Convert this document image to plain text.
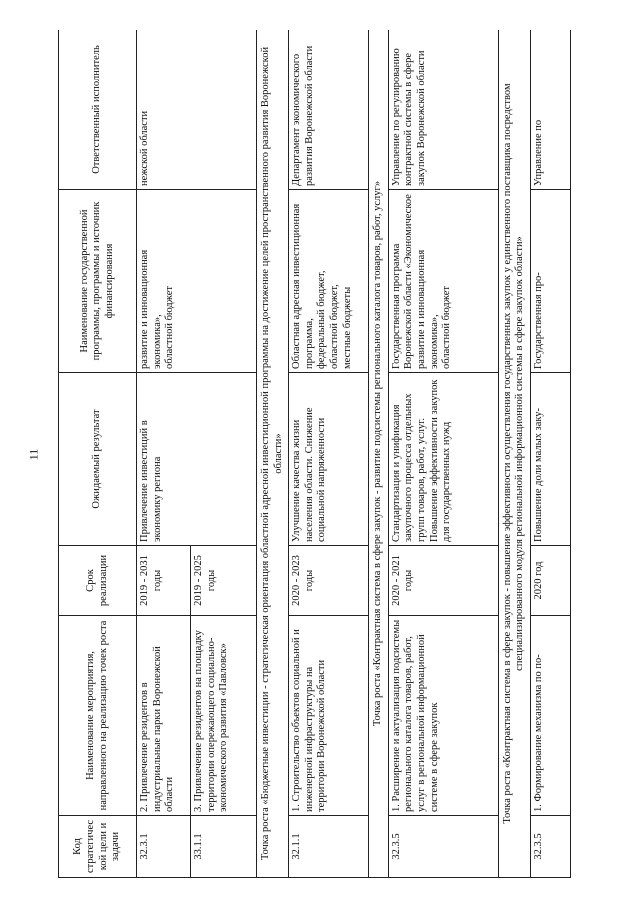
11
Код стратегической цели и задачи	Наименование мероприятия, направленного на реализацию точек роста	Срок реализации	Ожидаемый результат	Наименование государственной программы, программы и источник финансирования	Ответственный исполнитель
32.3.1	2. Привлечение резидентов в индустриальные парки Воронежской области	2019 - 2031 годы	Привлечение инвестиций в экономику региона	развитие и инновационная экономика», областной бюджет	нежской области
33.1.1	3. Привлечение резидентов на площадку территории опережающего социально-экономического развития «Павловск»	2019 - 2025 годы			
Точка роста «Бюджетные инвестиции - стратегическая ориентация областной адресной инвестиционной программы на достижение целей пространственного развития Воронежской области»					
32.1.1	1. Строительство объектов социальной и инженерной инфраструктуры на территории Воронежской области	2020 - 2023 годы	Улучшение качества жизни населения области. Снижение социальной напряженности	Областная адресная инвестиционная программа, федеральный бюджет, областной бюджет, местные бюджеты	Департамент экономического развития Воронежской области
Точка роста «Контрактная система в сфере закупок - развитие подсистемы регионального каталога товаров, работ, услуг»					
32.3.5	1. Расширение и актуализация подсистемы регионального каталога товаров, работ, услуг в региональной информационной системе в сфере закупок	2020 - 2021 годы	Стандартизация и унификация закупочного процесса отдельных групп товаров, работ, услуг. Повышение эффективности закупок для государственных нужд	Государственная программа Воронежской области «Экономическое развитие и инновационная экономика», областной бюджет	Управление по регулированию контрактной системы в сфере закупок Воронежской области
Точка роста «Контрактная система в сфере закупок - повышение эффективности осуществления государственных закупок у единственного поставщика посредством специализированного модуля региональной информационной системы в сфере закупок области»					
32.3.5	1. Формирование механизма по по-	2020 год	Повышение доли малых заку-	Государственная про-	Управление по
